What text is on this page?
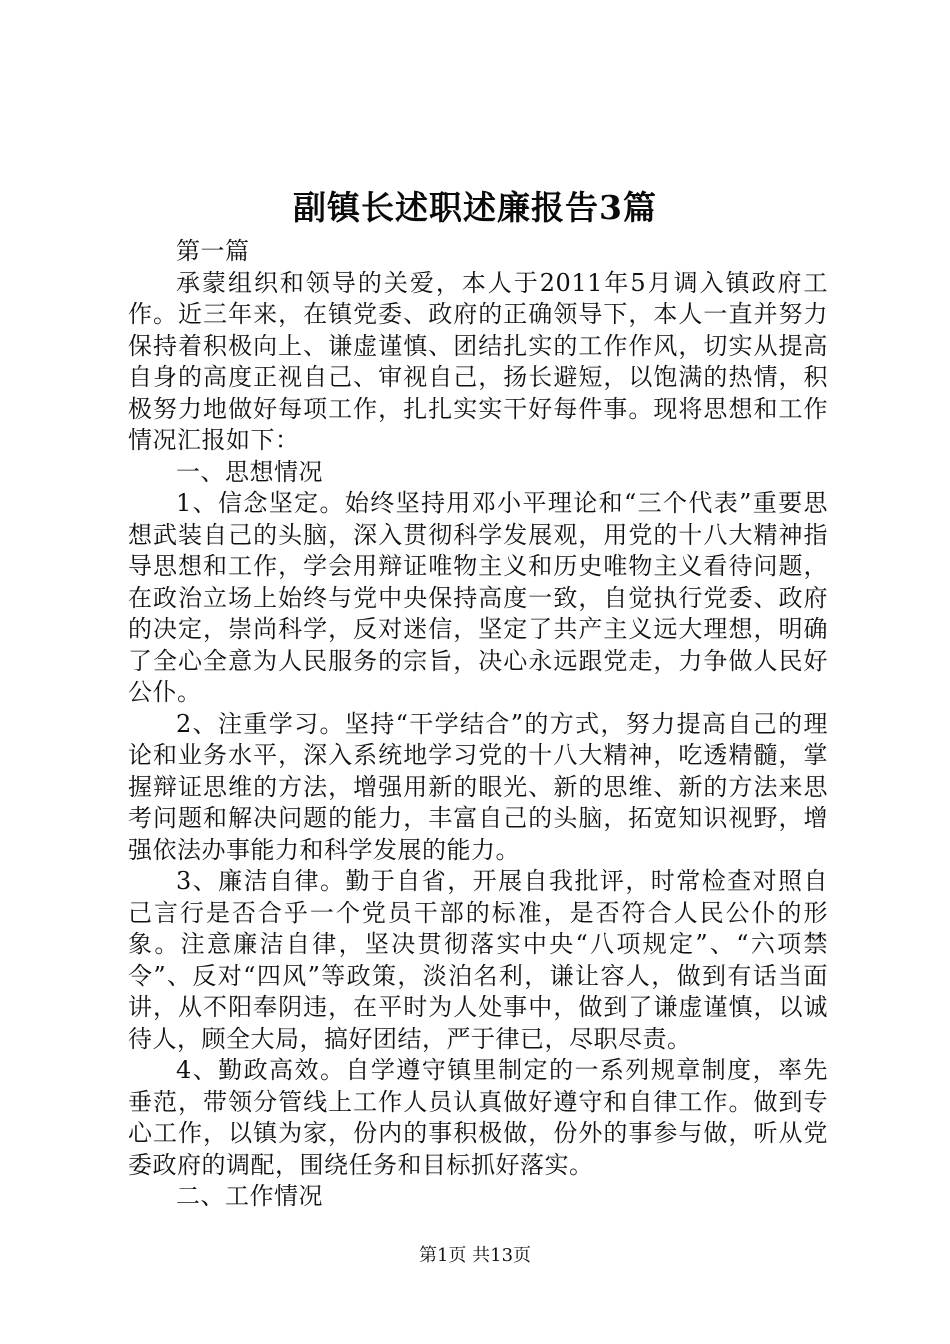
副镇长述职述廉报告3篇

第一篇

承蒙组织和领导的关爱，本人于2011年5月调入镇政府工作。近三年来，在镇党委、政府的正确领导下，本人一直并努力保持着积极向上、谦虚谨慎、团结扎实的工作作风，切实从提高自身的高度正视自己、审视自己，扬长避短，以饱满的热情，积极努力地做好每项工作，扎扎实实干好每件事。现将思想和工作情况汇报如下：

一、思想情况

1、信念坚定。始终坚持用邓小平理论和“三个代表”重要思想武装自己的头脑，深入贯彻科学发展观，用党的十八大精神指导思想和工作，学会用辩证唯物主义和历史唯物主义看待问题，在政治立场上始终与党中央保持高度一致，自觉执行党委、政府的决定，崇尚科学，反对迷信，坚定了共产主义远大理想，明确了全心全意为人民服务的宗旨，决心永远跟党走，力争做人民好公仆。

2、注重学习。坚持“干学结合”的方式，努力提高自己的理论和业务水平，深入系统地学习党的十八大精神，吃透精髓，掌握辩证思维的方法，增强用新的眼光、新的思维、新的方法来思考问题和解决问题的能力，丰富自己的头脑，拓宽知识视野，增强依法办事能力和科学发展的能力。

3、廉洁自律。勤于自省，开展自我批评，时常检查对照自己言行是否合乎一个党员干部的标准，是否符合人民公仆的形象。注意廉洁自律，坚决贯彻落实中央“八项规定”、“六项禁令”、反对“四风”等政策，淡泊名利，谦让容人，做到有话当面讲，从不阳奉阴违，在平时为人处事中，做到了谦虚谨慎，以诚待人，顾全大局，搞好团结，严于律已，尽职尽责。

4、勤政高效。自学遵守镇里制定的一系列规章制度，率先垂范，带领分管线上工作人员认真做好遵守和自律工作。做到专心工作，以镇为家，份内的事积极做，份外的事参与做，听从党委政府的调配，围绕任务和目标抓好落实。

二、工作情况

第1页 共13页
